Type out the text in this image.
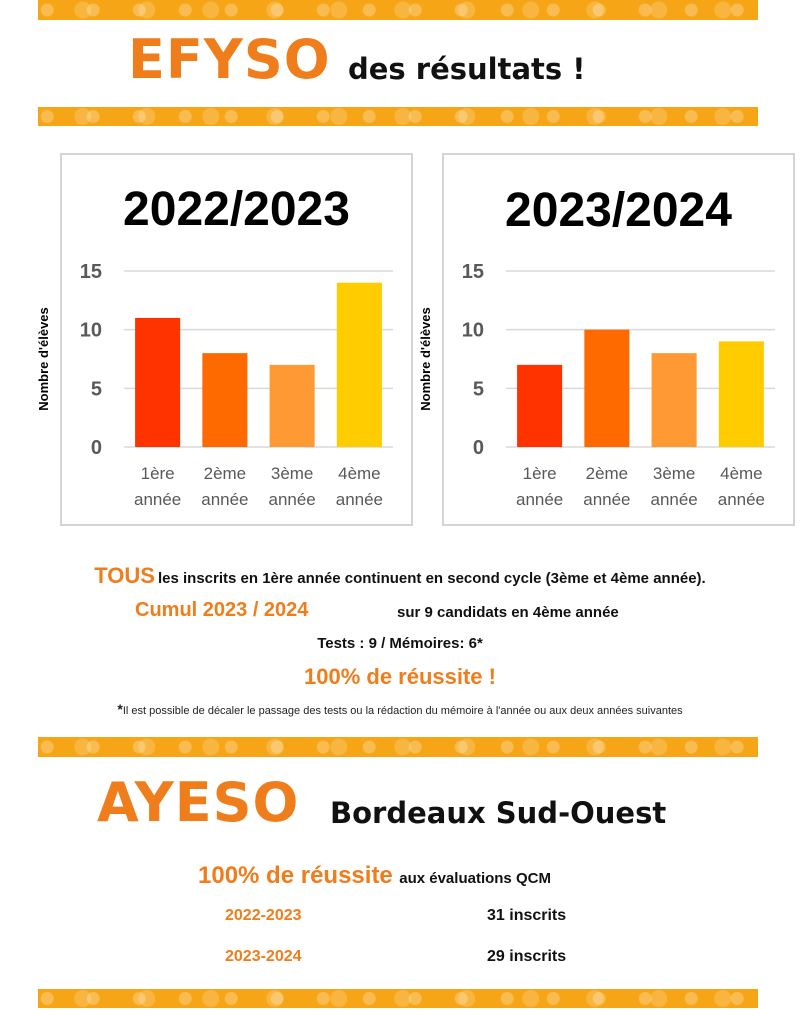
EFYSO des résultats !
2022/2023
0
5
10
15
Nombre d'élèves
1ère
année
2ème
année
3ème
année
4ème
année
2023/2024
0
5
10
15
Nombre d'élèves
1ère
année
2ème
année
3ème
année
4ème
année
TOUS les inscrits en 1ère année continuent en second cycle (3ème et 4ème année).
Cumul 2023 / 2024	sur 9 candidats en 4ème année
Tests : 9 / Mémoires: 6*
100% de réussite !
*Il est possible de décaler le passage des tests ou la rédaction du mémoire à l'année ou aux deux années suivantes
AYESO Bordeaux Sud-Ouest
100% de réussite aux évaluations QCM
2022-2023	31 inscrits
2023-2024	29 inscrits
